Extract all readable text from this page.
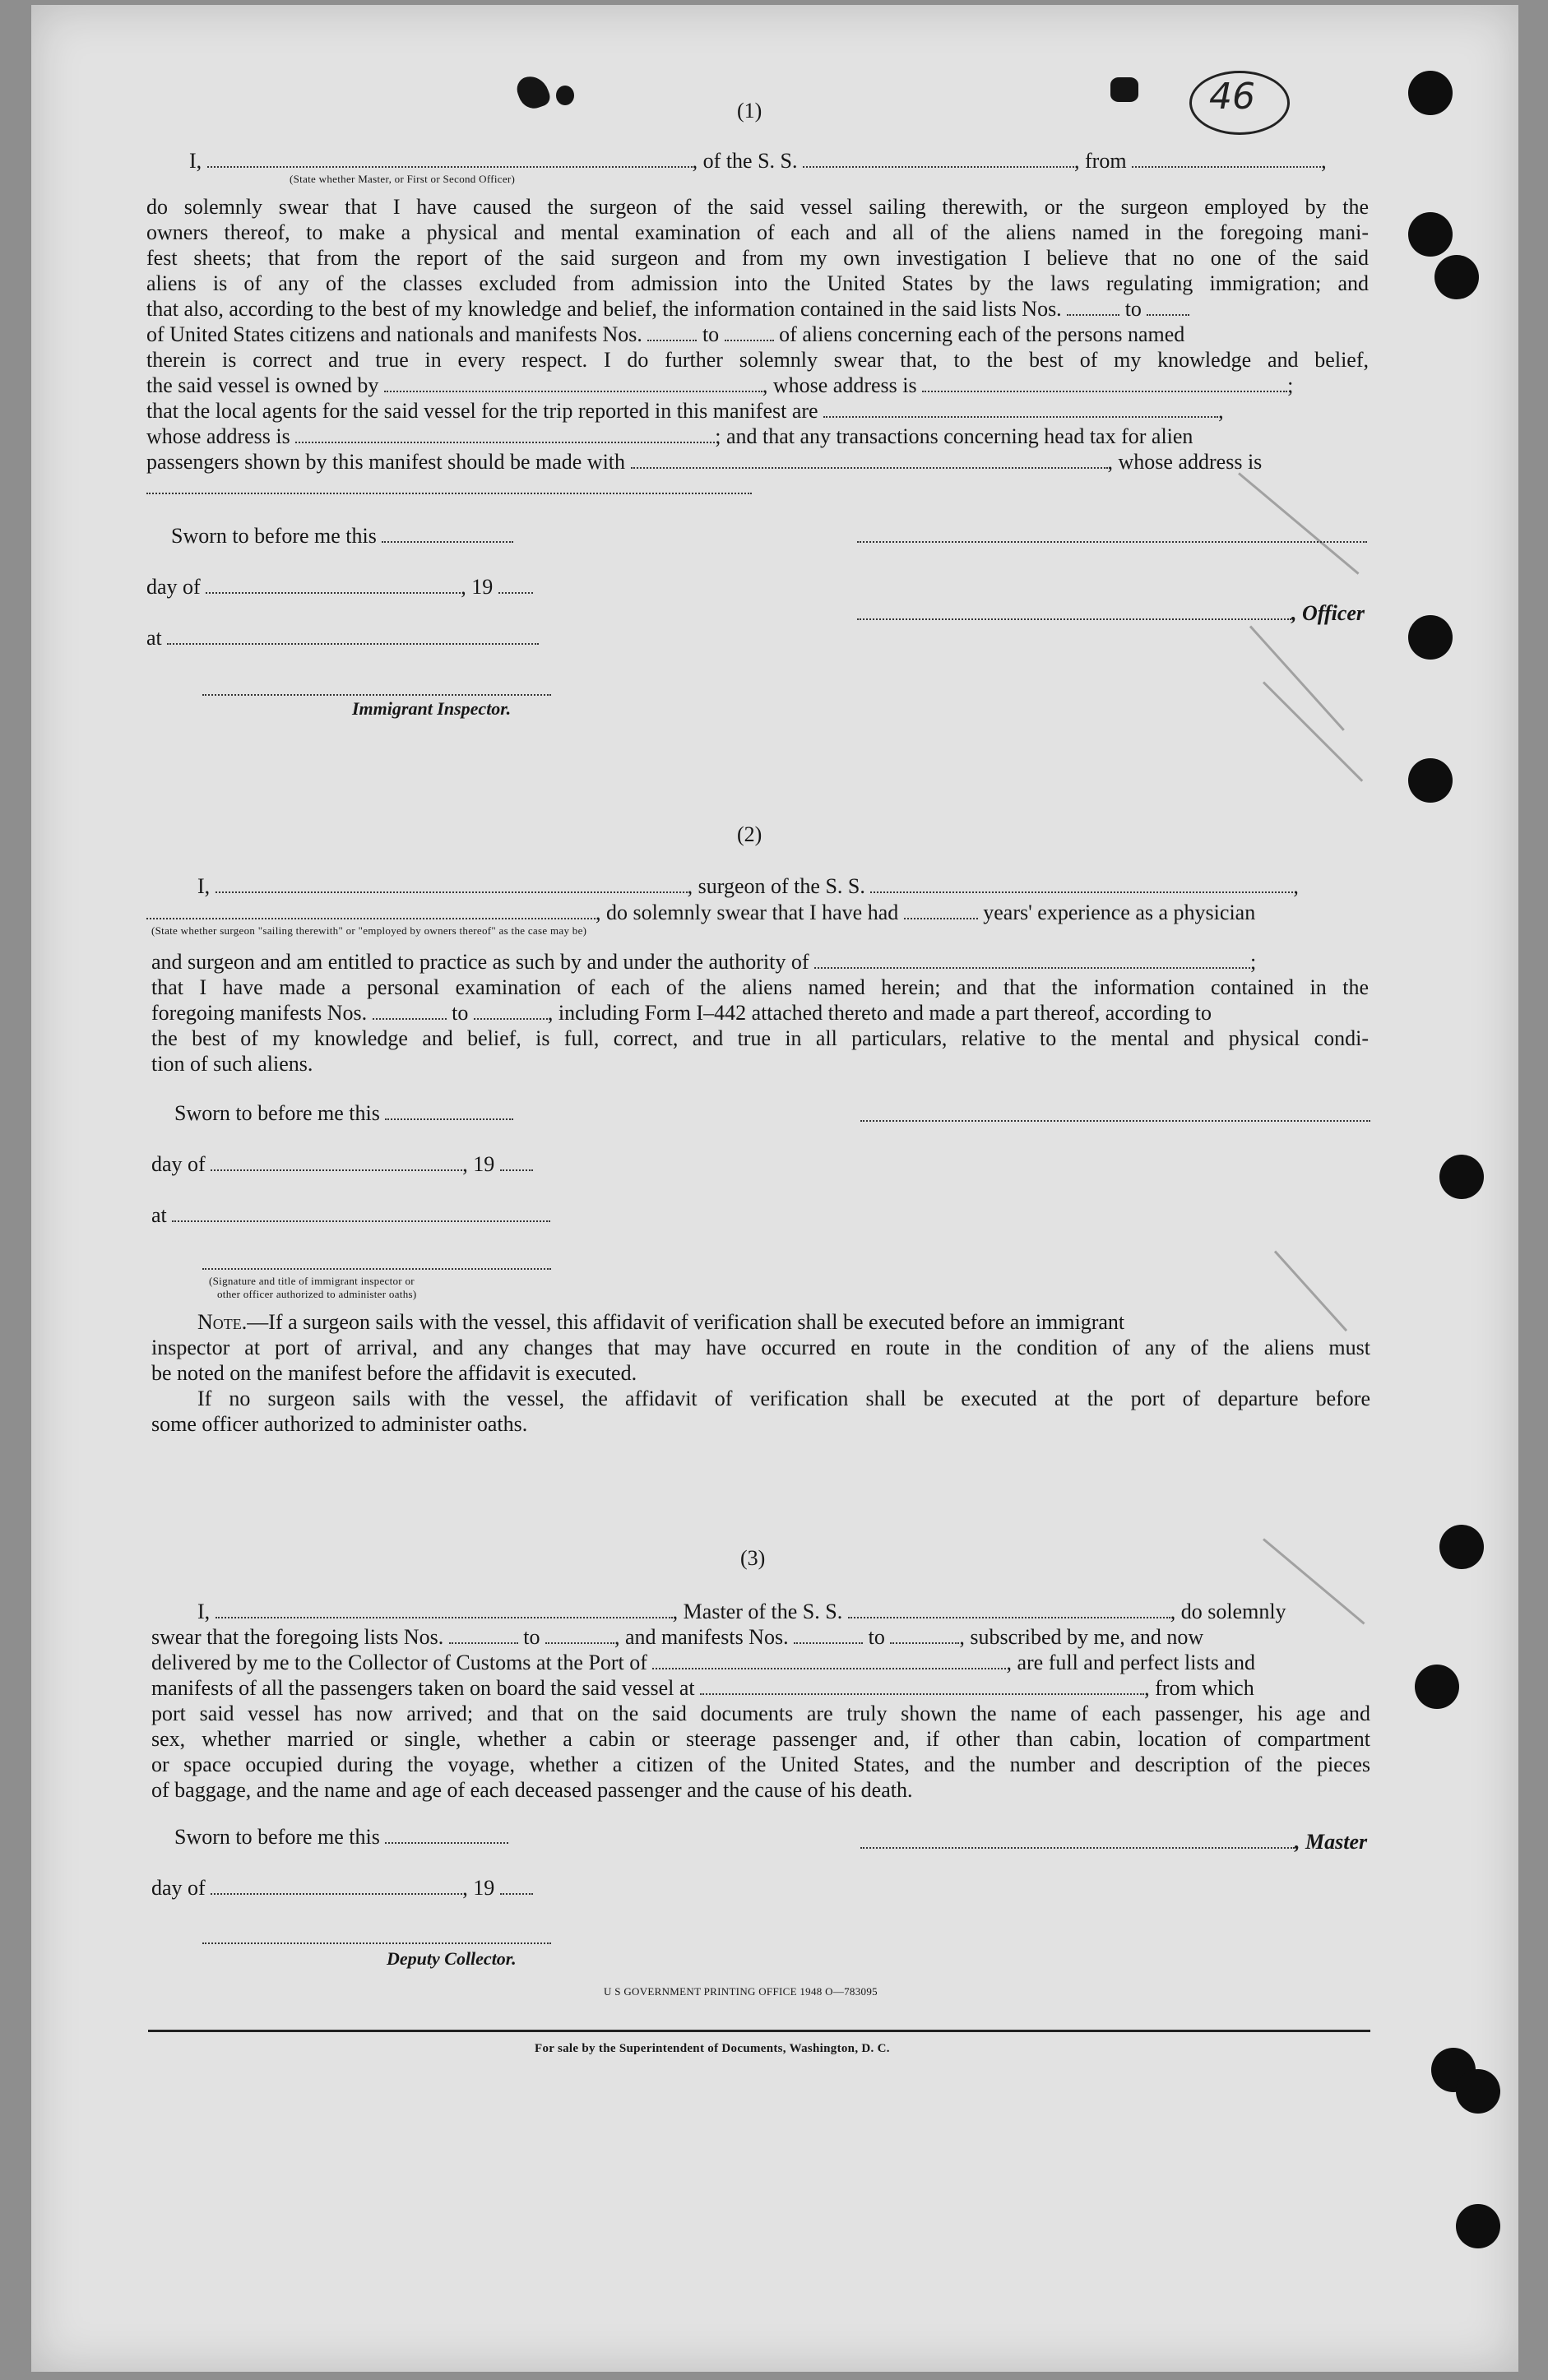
46
(1)
I,	, of the S. S.	, from	,
(State whether Master, or First or Second Officer)
do solemnly swear that I have caused the surgeon of the said vessel sailing therewith, or the surgeon employed by the
owners thereof, to make a physical and mental examination of each and all of the aliens named in the foregoing mani-
fest sheets; that from the report of the said surgeon and from my own investigation I believe that no one of the said
aliens is of any of the classes excluded from admission into the United States by the laws regulating immigration; and
that also, according to the best of my knowledge and belief, the information contained in the said lists Nos.	to
of United States citizens and nationals and manifests Nos.	to	of aliens concerning each of the persons named
therein is correct and true in every respect. I do further solemnly swear that, to the best of my knowledge and belief,
the said vessel is owned by	, whose address is	;
that the local agents for the said vessel for the trip reported in this manifest are	,
whose address is	; and that any transactions concerning head tax for alien
passengers shown by this manifest should be made with	, whose address is
Sworn to before me this
day of	, 19
, Officer
at
Immigrant Inspector.
(2)
I,	, surgeon of the S. S.	,
, do solemnly swear that I have had	years' experience as a physician
(State whether surgeon "sailing therewith" or "employed by owners thereof" as the case may be)
and surgeon and am entitled to practice as such by and under the authority of	;
that I have made a personal examination of each of the aliens named herein; and that the information contained in the
foregoing manifests Nos.	to	, including Form I–442 attached thereto and made a part thereof, according to
the best of my knowledge and belief, is full, correct, and true in all particulars, relative to the mental and physical condi-
tion of such aliens.
Sworn to before me this
day of	, 19
at
(Signature and title of immigrant inspector or
other officer authorized to administer oaths)
Note.—If a surgeon sails with the vessel, this affidavit of verification shall be executed before an immigrant
inspector at port of arrival, and any changes that may have occurred en route in the condition of any of the aliens must
be noted on the manifest before the affidavit is executed.
If no surgeon sails with the vessel, the affidavit of verification shall be executed at the port of departure before
some officer authorized to administer oaths.
(3)
I,	, Master of the S. S.	, do solemnly
swear that the foregoing lists Nos.	to	, and manifests Nos.	to	, subscribed by me, and now
delivered by me to the Collector of Customs at the Port of	, are full and perfect lists and
manifests of all the passengers taken on board the said vessel at	, from which
port said vessel has now arrived; and that on the said documents are truly shown the name of each passenger, his age and
sex, whether married or single, whether a cabin or steerage passenger and, if other than cabin, location of compartment
or space occupied during the voyage, whether a citizen of the United States, and the number and description of the pieces
of baggage, and the name and age of each deceased passenger and the cause of his death.
Sworn to before me this	, Master
day of	, 19
Deputy Collector.
U S GOVERNMENT PRINTING OFFICE 1948 O—783095
For sale by the Superintendent of Documents, Washington, D. C.
